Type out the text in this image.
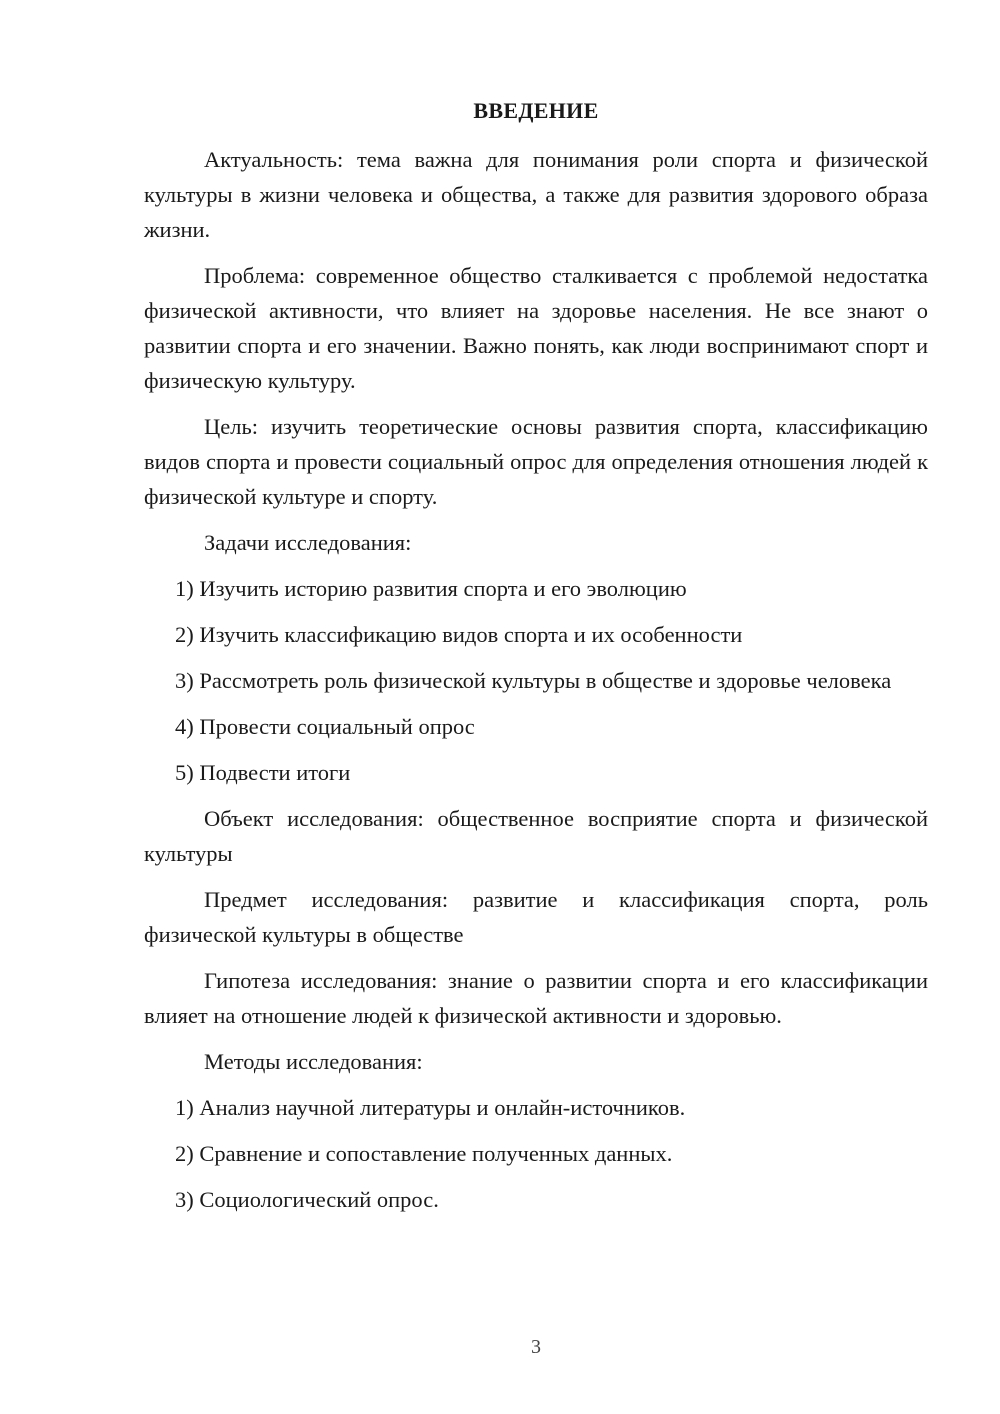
ВВЕДЕНИЕ

Актуальность: тема важна для понимания роли спорта и физической культуры в жизни человека и общества, а также для развития здорового образа жизни.

Проблема: современное общество сталкивается с проблемой недостатка физической активности, что влияет на здоровье населения. Не все знают о развитии спорта и его значении. Важно понять, как люди воспринимают спорт и физическую культуру.

Цель: изучить теоретические основы развития спорта, классификацию видов спорта и провести социальный опрос для определения отношения людей к физической культуре и спорту.

Задачи исследования:

1) Изучить историю развития спорта и его эволюцию

2) Изучить классификацию видов спорта и их особенности

3) Рассмотреть роль физической культуры в обществе и здоровье человека

4) Провести социальный опрос

5) Подвести итоги

Объект исследования: общественное восприятие спорта и физической культуры

Предмет исследования: развитие и классификация спорта, роль физической культуры в обществе

Гипотеза исследования: знание о развитии спорта и его классификации влияет на отношение людей к физической активности и здоровью.

Методы исследования:

1) Анализ научной литературы и онлайн-источников.

2) Сравнение и сопоставление полученных данных.

3) Социологический опрос.

3
